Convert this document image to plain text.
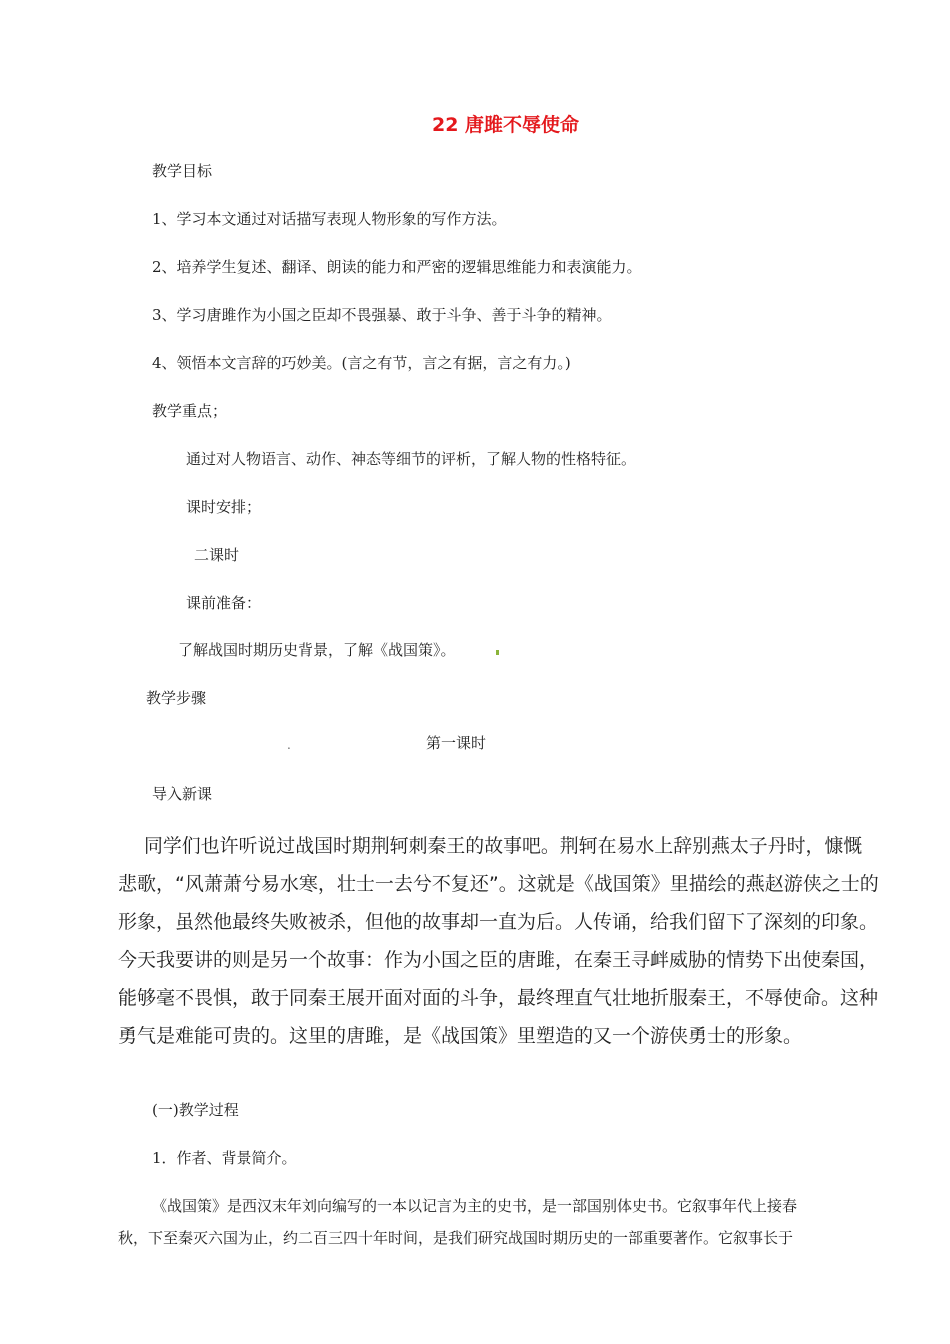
22 唐雎不辱使命
教学目标
1、学习本文通过对话描写表现人物形象的写作方法。
2、培养学生复述、翻译、朗读的能力和严密的逻辑思维能力和表演能力。
3、学习唐雎作为小国之臣却不畏强暴、敢于斗争、善于斗争的精神。
4、领悟本文言辞的巧妙美。(言之有节，言之有据，言之有力。)
教学重点；
通过对人物语言、动作、神态等细节的评析，了解人物的性格特征。
课时安排；
二课时
课前准备：
了解战国时期历史背景，了解《战国策》。
教学步骤
.	第一课时
导入新课
同学们也许听说过战国时期荆轲刺秦王的故事吧。荆轲在易水上辞别燕太子丹时，慷慨
悲歌，“风萧萧兮易水寒，壮士一去兮不复还”。这就是《战国策》里描绘的燕赵游侠之士的
形象，虽然他最终失败被杀，但他的故事却一直为后。人传诵，给我们留下了深刻的印象。
今天我要讲的则是另一个故事：作为小国之臣的唐雎，在秦王寻衅威胁的情势下出使秦国，
能够毫不畏惧，敢于同秦王展开面对面的斗争，最终理直气壮地折服秦王，不辱使命。这种
勇气是难能可贵的。这里的唐雎，是《战国策》里塑造的又一个游侠勇士的形象。
(一)教学过程
1．作者、背景简介。
《战国策》是西汉末年刘向编写的一本以记言为主的史书，是一部国别体史书。它叙事年代上接春
秋，下至秦灭六国为止，约二百三四十年时间，是我们研究战国时期历史的一部重要著作。它叙事长于
